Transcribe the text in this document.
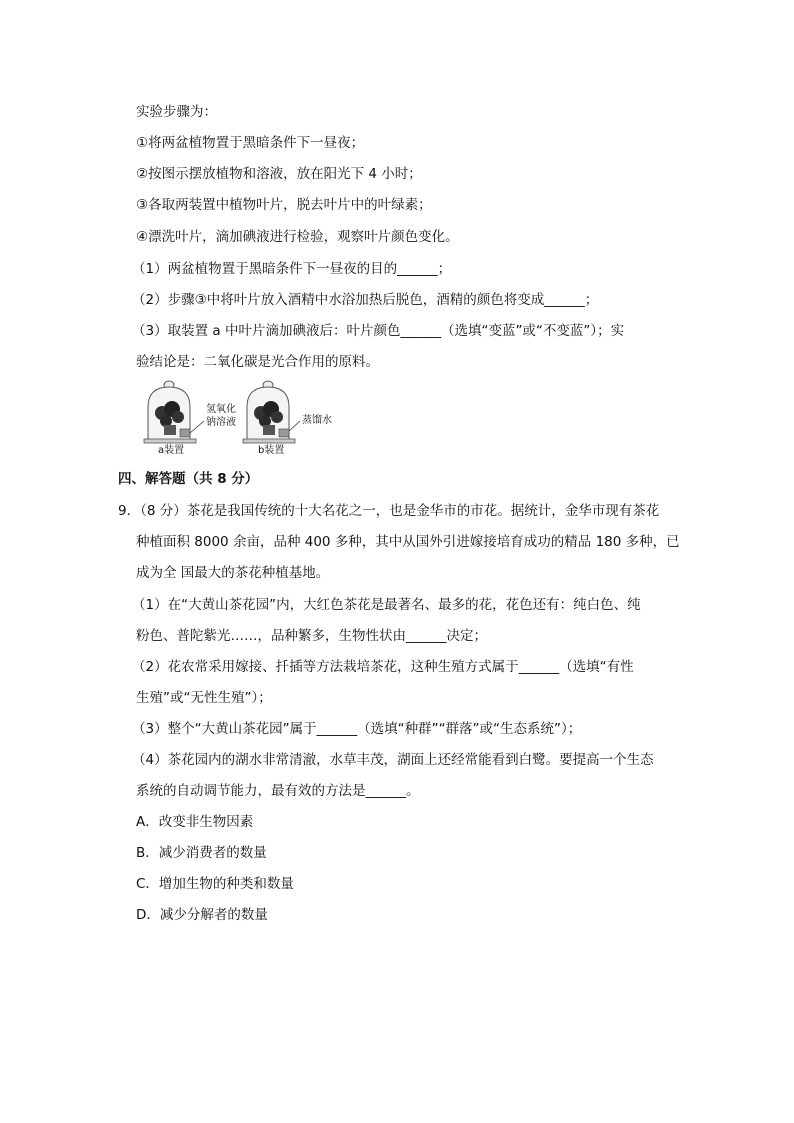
实验步骤为：
①将两盆植物置于黑暗条件下一昼夜；
②按图示摆放植物和溶液，放在阳光下 4 小时；
③各取两装置中植物叶片，脱去叶片中的叶绿素；
④漂洗叶片，滴加碘液进行检验，观察叶片颜色变化。
（1）两盆植物置于黑暗条件下一昼夜的目的______；
（2）步骤③中将叶片放入酒精中水浴加热后脱色，酒精的颜色将变成______；
（3）取装置 a 中叶片滴加碘液后：叶片颜色______（选填“变蓝”或“不变蓝”）；实
验结论是：二氧化碳是光合作用的原料。
氢氧化
钠溶液	蒸馏水
a装置	b装置
四、解答题（共 8 分）
9．（8 分）茶花是我国传统的十大名花之一，也是金华市的市花。据统计，金华市现有茶花
种植面积 8000 余亩，品种 400 多种，其中从国外引进嫁接培育成功的精品 180 多种，已
成为全 国最大的茶花种植基地。
（1）在“大黄山茶花园”内，大红色茶花是最著名、最多的花，花色还有：纯白色、纯
粉色、普陀紫光……，品种繁多，生物性状由______决定；
（2）花农常采用嫁接、扦插等方法栽培茶花，这种生殖方式属于______（选填“有性
生殖”或“无性生殖”）；
（3）整个“大黄山茶花园”属于______（选填“种群”“群落”或“生态系统”）；
（4）茶花园内的湖水非常清澈，水草丰茂，湖面上还经常能看到白鹭。要提高一个生态
系统的自动调节能力，最有效的方法是______。
A．改变非生物因素
B．减少消费者的数量
C．增加生物的种类和数量
D．减少分解者的数量
